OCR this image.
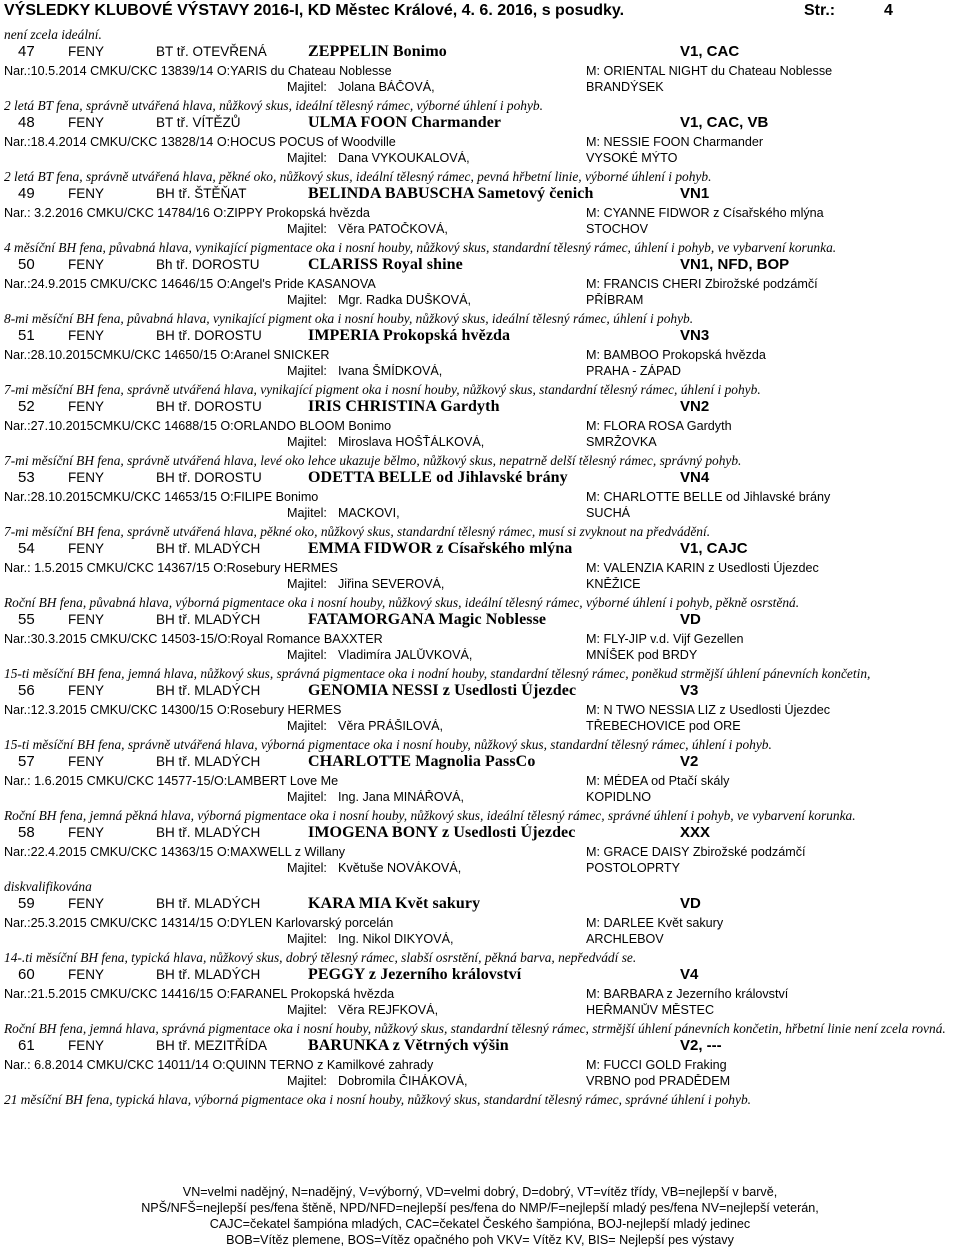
VÝSLEDKY KLUBOVÉ VÝSTAVY 2016-I, KD Městec Králové, 4. 6. 2016, s posudky.	Str.:	4

není zcela ideální.

47	FENY	BT tř. OTEVŘENÁ	ZEPPELIN Bonimo	V1, CAC
Nar.:10.5.2014 CMKU/CKC 13839/14 O:YARIS du Chateau Noblesse	M: ORIENTAL NIGHT du Chateau Noblesse
Majitel: Jolana BÁČOVÁ,	BRANDÝSEK

2 letá BT fena, správně utvářená hlava, nůžkový skus, ideální tělesný rámec, výborné úhlení i pohyb.

48	FENY	BT tř. VÍTĚZŮ	ULMA FOON Charmander	V1, CAC, VB
Nar.:18.4.2014 CMKU/CKC 13828/14 O:HOCUS POCUS of Woodville	M: NESSIE FOON Charmander
Majitel: Dana VYKOUKALOVÁ,	VYSOKÉ MÝTO

2 letá BT fena, správně utvářená hlava, pěkné oko, nůžkový skus, ideální tělesný rámec, pevná hřbetní linie, výborné úhlení i pohyb.

49	FENY	BH tř. ŠTĚŇAT	BELINDA BABUSCHA Sametový čenich	VN1
Nar.: 3.2.2016 CMKU/CKC 14784/16 O:ZIPPY Prokopská hvězda	M: CYANNE FIDWOR z Císařského mlýna
Majitel: Věra PATOČKOVÁ,	STOCHOV

4 měsíční BH fena, půvabná hlava, vynikající pigmentace oka i nosní houby, nůžkový skus, standardní tělesný rámec, úhlení i pohyb, ve vybarvení korunka.

50	FENY	Bh tř. DOROSTU	CLARISS Royal shine	VN1, NFD, BOP
Nar.:24.9.2015 CMKU/CKC 14646/15 O:Angel's Pride KASANOVA	M: FRANCIS CHERI Zbirožské podzámčí
Majitel: Mgr. Radka DUŠKOVÁ,	PŘÍBRAM

8-mi měsíční BH fena, půvabná hlava, vynikající pigment oka i nosní houby, nůžkový skus, ideální tělesný rámec, úhlení i pohyb.

51	FENY	BH tř. DOROSTU	IMPERIA Prokopská hvězda	VN3
Nar.:28.10.2015CMKU/CKC 14650/15 O:Aranel SNICKER	M: BAMBOO Prokopská hvězda
Majitel: Ivana ŠMÍDKOVÁ,	PRAHA - ZÁPAD

7-mi měsíční BH fena, správně utvářená hlava, vynikající pigment oka i nosní houby, nůžkový skus, standardní tělesný rámec, úhlení i pohyb.

52	FENY	BH tř. DOROSTU	IRIS CHRISTINA Gardyth	VN2
Nar.:27.10.2015CMKU/CKC 14688/15 O:ORLANDO BLOOM Bonimo	M: FLORA ROSA Gardyth
Majitel: Miroslava HOŠŤÁLKOVÁ,	SMRŽOVKA

7-mi měsíční BH fena, správně utvářená hlava, levé oko lehce ukazuje bělmo, nůžkový skus, nepatrně delší tělesný rámec, správný pohyb.

53	FENY	BH tř. DOROSTU	ODETTA BELLE od Jihlavské brány	VN4
Nar.:28.10.2015CMKU/CKC 14653/15 O:FILIPE Bonimo	M: CHARLOTTE BELLE od Jihlavské brány
Majitel: MACKOVI,	SUCHÁ

7-mi měsíční BH fena, správně utvářená hlava, pěkné oko, nůžkový skus, standardní tělesný rámec, musí si zvyknout na předvádění.

54	FENY	BH tř. MLADÝCH	EMMA FIDWOR z Císařského mlýna	V1, CAJC
Nar.: 1.5.2015 CMKU/CKC 14367/15 O:Rosebury HERMES	M: VALENZIA KARIN z Usedlosti Újezdec
Majitel: Jiřina SEVEROVÁ,	KNĚŽICE

Roční BH fena, půvabná hlava, výborná pigmentace oka i nosní houby, nůžkový skus, ideální tělesný rámec, výborné úhlení i pohyb, pěkně osrstěná.

55	FENY	BH tř. MLADÝCH	FATAMORGANA Magic Noblesse	VD
Nar.:30.3.2015 CMKU/CKC 14503-15/O:Royal Romance BAXXTER	M: FLY-JIP v.d. Vijf Gezellen
Majitel: Vladimíra JALŮVKOVÁ,	MNÍŠEK pod BRDY

15-ti měsíční BH fena, jemná hlava, nůžkový skus, správná pigmentace oka i nodní houby, standardní tělesný rámec, poněkud strmější úhlení pánevních končetin,

56	FENY	BH tř. MLADÝCH	GENOMIA NESSI z Usedlosti Újezdec	V3
Nar.:12.3.2015 CMKU/CKC 14300/15 O:Rosebury HERMES	M: N TWO NESSIA LIZ z Usedlosti Újezdec
Majitel: Věra PRÁŠILOVÁ,	TŘEBECHOVICE pod ORE

15-ti měsíční BH fena, správně utvářená hlava, výborná pigmentace oka i nosní houby, nůžkový skus, standardní tělesný rámec, úhlení i pohyb.

57	FENY	BH tř. MLADÝCH	CHARLOTTE Magnolia PassCo	V2
Nar.: 1.6.2015 CMKU/CKC 14577-15/O:LAMBERT Love Me	M: MÉDEA od Ptačí skály
Majitel: Ing. Jana MINÁŘOVÁ,	KOPIDLNO

Roční BH fena, jemná pěkná hlava, výborná pigmentace oka i nosní houby, nůžkový skus, ideální tělesný rámec, správné úhlení i pohyb, ve vybarvení korunka.

58	FENY	BH tř. MLADÝCH	IMOGENA BONY z Usedlosti Újezdec	XXX
Nar.:22.4.2015 CMKU/CKC 14363/15 O:MAXWELL z Willany	M: GRACE DAISY Zbirožské podzámčí
Majitel: Květuše NOVÁKOVÁ,	POSTOLOPRTY

diskvalifikována

59	FENY	BH tř. MLADÝCH	KARA MIA Květ sakury	VD
Nar.:25.3.2015 CMKU/CKC 14314/15 O:DYLEN Karlovarský porcelán	M: DARLEE Květ sakury
Majitel: Ing. Nikol DIKYOVÁ,	ARCHLEBOV

14-.ti měsíční BH fena, typická hlava, nůžkový skus, dobrý tělesný rámec, slabší osrstění, pěkná barva, nepředvádí se.

60	FENY	BH tř. MLADÝCH	PEGGY z Jezerního království	V4
Nar.:21.5.2015 CMKU/CKC 14416/15 O:FARANEL Prokopská hvězda	M: BARBARA z Jezerního království
Majitel: Věra REJFKOVÁ,	HEŘMANŮV MĚSTEC

Roční BH fena, jemná hlava, správná pigmentace oka i nosní houby, nůžkový skus, standardní tělesný rámec, strmější úhlení pánevních končetin, hřbetní linie není zcela rovná.

61	FENY	BH tř. MEZITŘÍDA	BARUNKA z Větrných výšin	V2, ---
Nar.: 6.8.2014 CMKU/CKC 14011/14 O:QUINN TERNO z Kamilkové zahrady	M: FUCCI GOLD Fraking
Majitel: Dobromila ČIHÁKOVÁ,	VRBNO pod PRADĚDEM

21 měsíční BH fena, typická hlava, výborná pigmentace oka i nosní houby, nůžkový skus, standardní tělesný rámec, správné úhlení i pohyb.

VN=velmi nadějný, N=nadějný, V=výborný, VD=velmi dobrý, D=dobrý, VT=vítěz třídy, VB=nejlepší v barvě,
NPŠ/NFŠ=nejlepší pes/fena štěně, NPD/NFD=nejlepší pes/fena do NMP/F=nejlepší mladý pes/fena NV=nejlepší veterán,
CAJC=čekatel šampióna mladých, CAC=čekatel Českého šampióna, BOJ-nejlepší mladý jedinec
BOB=Vítěz plemene, BOS=Vítěz opačného poh VKV= Vítěz KV, BIS= Nejlepší pes výstavy
